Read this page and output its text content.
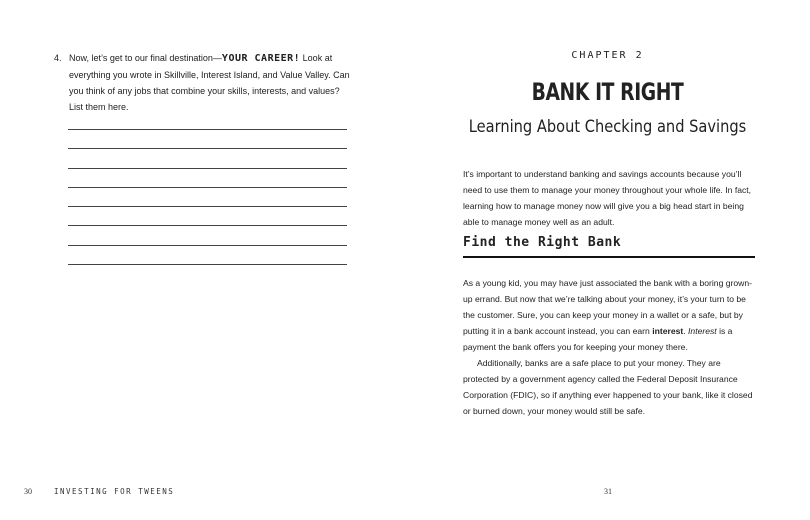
4. Now, let’s get to our final destination—YOUR CAREER! Look at everything you wrote in Skillville, Interest Island, and Value Valley. Can you think of any jobs that combine your skills, interests, and values? List them here.
30	INVESTING FOR TWEENS
CHAPTER 2
BANK IT RIGHT
Learning About Checking and Savings
It’s important to understand banking and savings accounts because you’ll need to use them to manage your money throughout your whole life. In fact, learning how to manage money now will give you a big head start in being able to manage money well as an adult.
Find the Right Bank
As a young kid, you may have just associated the bank with a boring grown-up errand. But now that we’re talking about your money, it’s your turn to be the customer. Sure, you can keep your money in a wallet or a safe, but by putting it in a bank account instead, you can earn interest. Interest is a payment the bank offers you for keeping your money there.
Additionally, banks are a safe place to put your money. They are protected by a government agency called the Federal Deposit Insurance Corporation (FDIC), so if anything ever happened to your bank, like it closed or burned down, your money would still be safe.
31
